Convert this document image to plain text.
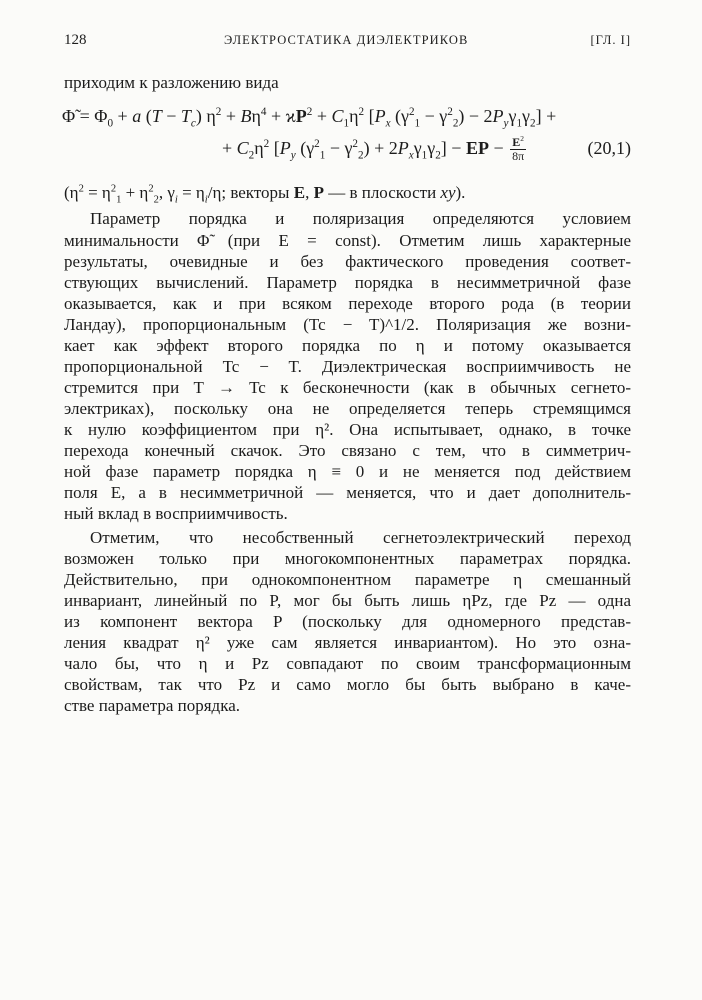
128	ЭЛЕКТРОСТАТИКА ДИЭЛЕКТРИКОВ	[ГЛ. I]
приходим к разложению вида
Φ̃ = $\Phi_0 + a$ $(T - T_c)$ $\eta^2 + B\eta^4 + ϰP^2 + C_1\eta^2$ [$P_x$ $(\gamma^2_1 - \gamma^2_2) - 2P_y\gamma_1\gamma_2$] +
+ $C_2\eta^2$ [$P_y$ $(\gamma^2_1 - \gamma^2_2) + 2P_x\gamma_1\gamma_2$] − EP − $\frac{E^2}{8\pi}$	(20,1)
($\eta^2 = \eta^2_1 + \eta^2_2$, $\gamma_i = \eta_i/\eta$; векторы E, P — в плоскости xy).
Параметр порядка и поляризация определяются условием
минимальности Φ̃ (при E = const). Отметим лишь характерные
результаты, очевидные и без фактического проведения соответ-
ствующих вычислений. Параметр порядка в несимметричной фазе
оказывается, как и при всяком переходе второго рода (в теории
Ландау), пропорциональным (Tc − T)^1/2. Поляризация же возни-
кает как эффект второго порядка по η и потому оказывается
пропорциональной Tc − T. Диэлектрическая восприимчивость не
стремится при T → Tc к бесконечности (как в обычных сегнето-
электриках), поскольку она не определяется теперь стремящимся
к нулю коэффициентом при η². Она испытывает, однако, в точке
перехода конечный скачок. Это связано с тем, что в симметрич-
ной фазе параметр порядка η ≡ 0 и не меняется под действием
поля E, а в несимметричной — меняется, что и дает дополнитель-
ный вклад в восприимчивость.
Отметим, что несобственный сегнетоэлектрический переход
возможен только при многокомпонентных параметрах порядка.
Действительно, при однокомпонентном параметре η смешанный
инвариант, линейный по P, мог бы быть лишь ηPz, где Pz — одна
из компонент вектора P (поскольку для одномерного представ-
ления квадрат η² уже сам является инвариантом). Но это озна-
чало бы, что η и Pz совпадают по своим трансформационным
свойствам, так что Pz и само могло бы быть выбрано в каче-
стве параметра порядка.
